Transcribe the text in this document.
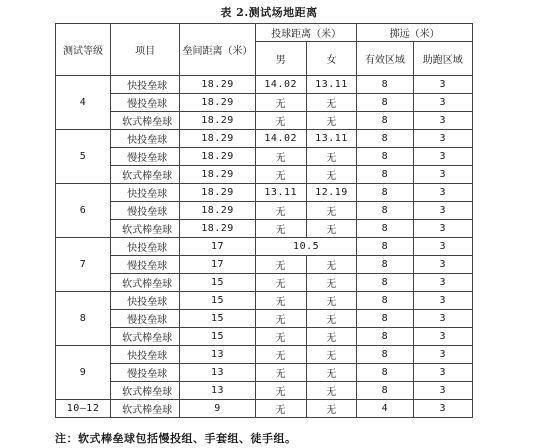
表 2.测试场地距离
测试等级	项目	垒间距离（米）	投球距离（米）		掷远（米）	
			男	女	有效区域	助跑区域
4	快投垒球	18.29	14.02	13.11	8	3
	慢投垒球	18.29	无	无	8	3
	软式棒垒球	18.29	无	无	8	3
5	快投垒球	18.29	14.02	13.11	8	3
	慢投垒球	18.29	无	无	8	3
	软式棒垒球	18.29	无	无	8	3
6	快投垒球	18.29	13.11	12.19	8	3
	慢投垒球	18.29	无	无	8	3
	软式棒垒球	18.29	无	无	8	3
7	快投垒球	17	10.5		8	3
	慢投垒球	17	无	无	8	3
	软式棒垒球	15	无	无	8	3
8	快投垒球	15	无	无	8	3
	慢投垒球	15	无	无	8	3
	软式棒垒球	15	无	无	8	3
9	快投垒球	13	无	无	8	3
	慢投垒球	13	无	无	8	3
	软式棒垒球	13	无	无	8	3
10—12	软式棒垒球	9	无	无	4	3
注：软式棒垒球包括慢投组、手套组、徒手组。
